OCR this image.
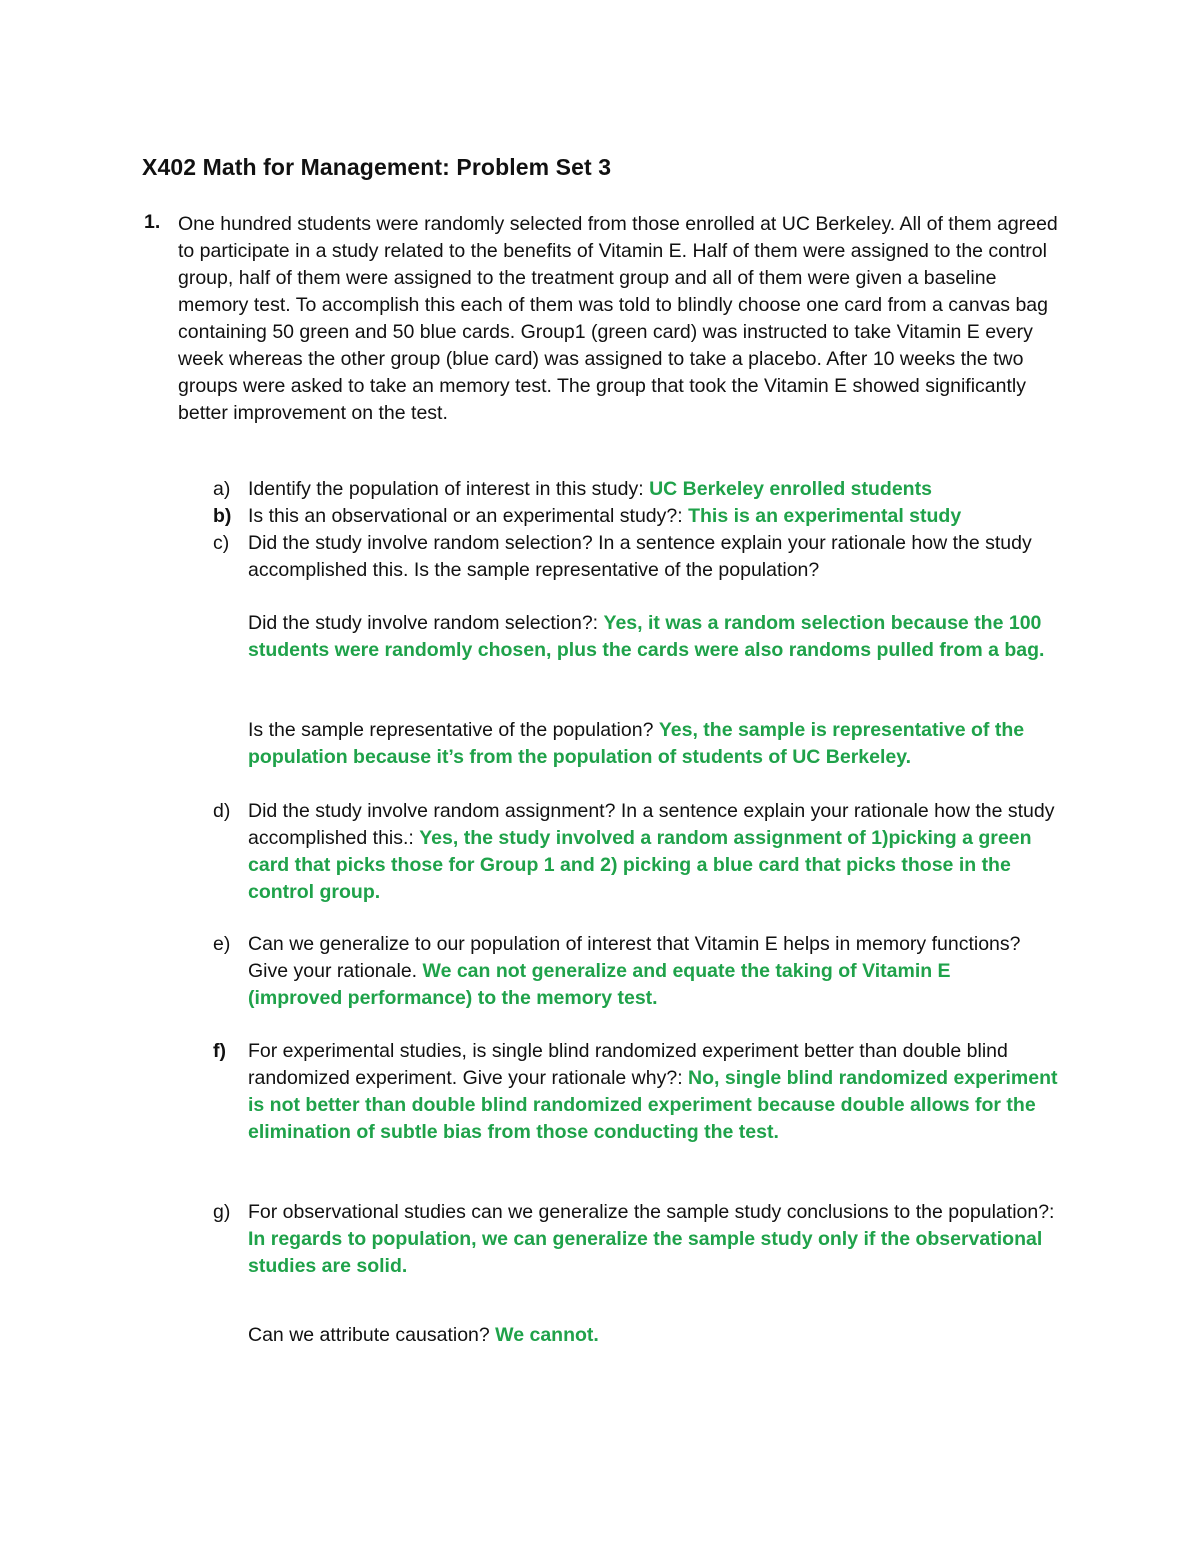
X402 Math for Management: Problem Set 3
1. One hundred students were randomly selected from those enrolled at UC Berkeley. All of them agreed to participate in a study related to the benefits of Vitamin E. Half of them were assigned to the control group, half of them were assigned to the treatment group and all of them were given a baseline memory test. To accomplish this each of them was told to blindly choose one card from a canvas bag containing 50 green and 50 blue cards. Group1 (green card) was instructed to take Vitamin E every week whereas the other group (blue card) was assigned to take a placebo. After 10 weeks the two groups were asked to take an memory test. The group that took the Vitamin E showed significantly better improvement on the test.
a) Identify the population of interest in this study: UC Berkeley enrolled students
b) Is this an observational or an experimental study?: This is an experimental study
c) Did the study involve random selection? In a sentence explain your rationale how the study accomplished this. Is the sample representative of the population?
Did the study involve random selection?: Yes, it was a random selection because the 100 students were randomly chosen, plus the cards were also randoms pulled from a bag.
Is the sample representative of the population? Yes, the sample is representative of the population because it’s from the population of students of UC Berkeley.
d) Did the study involve random assignment? In a sentence explain your rationale how the study accomplished this.: Yes, the study involved a random assignment of 1)picking a green card that picks those for Group 1 and 2) picking a blue card that picks those in the control group.
e) Can we generalize to our population of interest that Vitamin E helps in memory functions? Give your rationale. We can not generalize and equate the taking of Vitamin E (improved performance) to the memory test.
f) For experimental studies, is single blind randomized experiment better than double blind randomized experiment. Give your rationale why?: No, single blind randomized experiment is not better than double blind randomized experiment because double allows for the elimination of subtle bias from those conducting the test.
g) For observational studies can we generalize the sample study conclusions to the population?: In regards to population, we can generalize the sample study only if the observational studies are solid.
Can we attribute causation? We cannot.
